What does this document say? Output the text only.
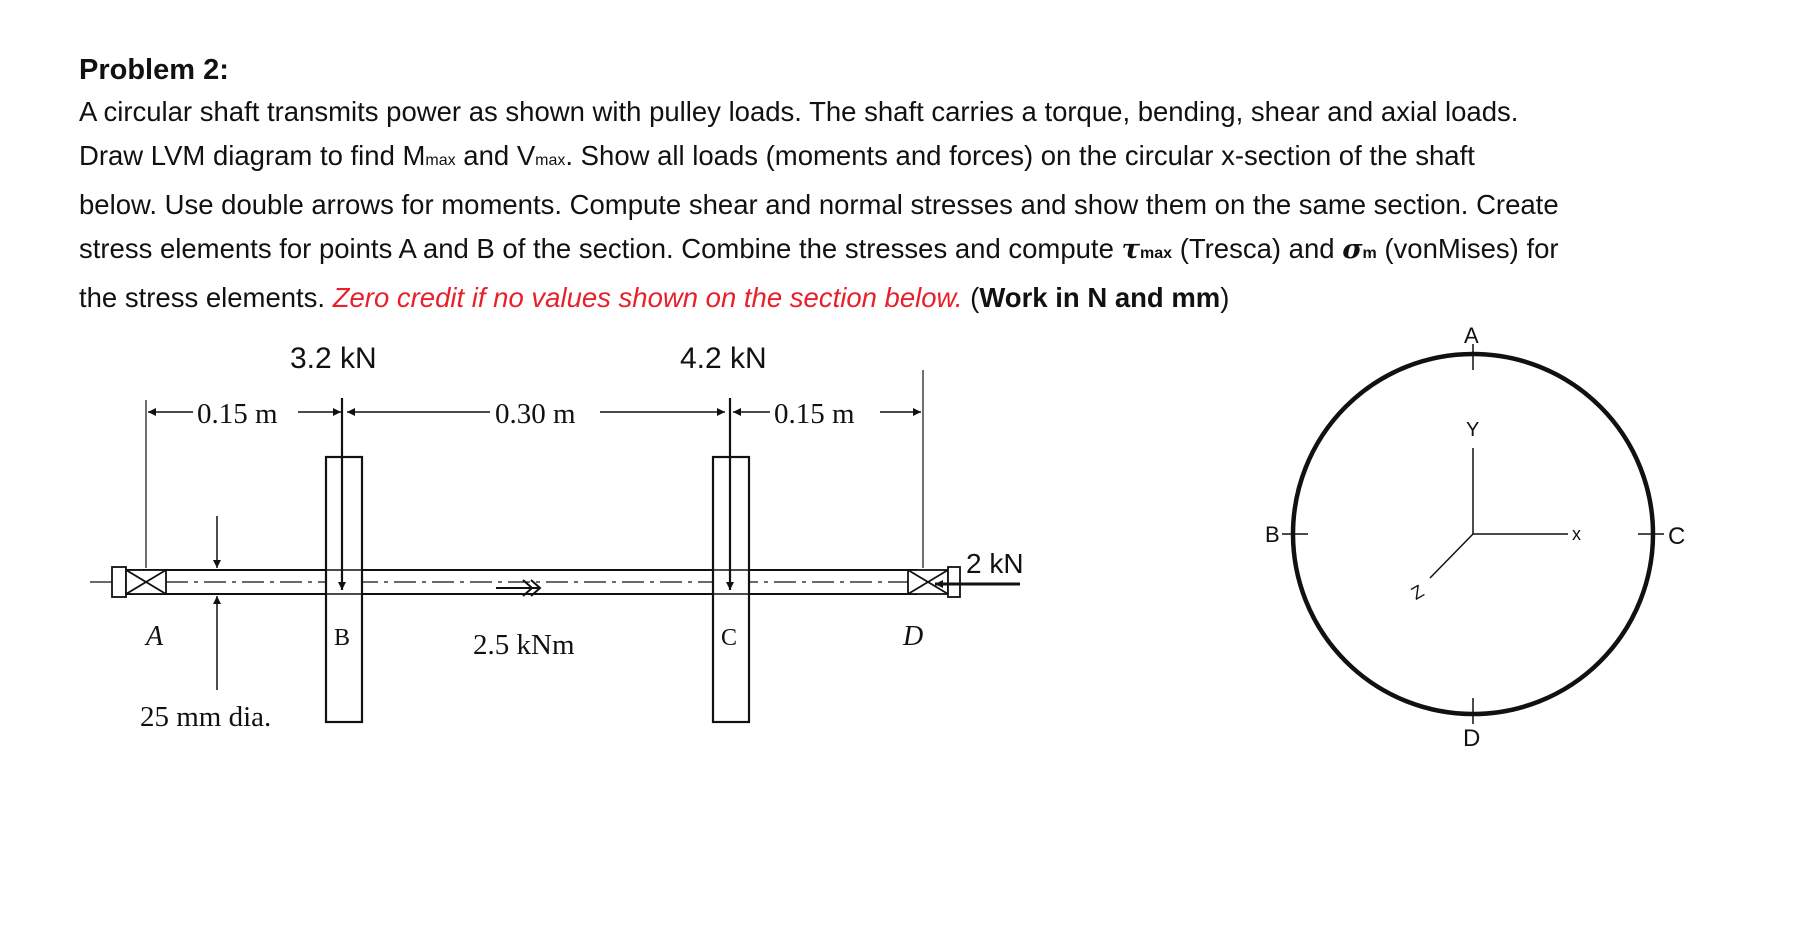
Problem 2:

A circular shaft transmits power as shown with pulley loads. The shaft carries a torque, bending, shear and axial loads.
Draw LVM diagram to find Mmax and Vmax. Show all loads (moments and forces) on the circular x-section of the shaft
below. Use double arrows for moments. Compute shear and normal stresses and show them on the same section. Create
stress elements for points A and B of the section. Combine the stresses and compute τmax (Tresca) and σm (vonMises) for
the stress elements. Zero credit if no values shown on the section below. (Work in N and mm)

3.2 kN	4.2 kN
0.15 m	0.30 m	0.15 m
2 kN
2.5 kNm
25 mm dia.
A	B	C	D
A
B	C
D
Y
x
Z
